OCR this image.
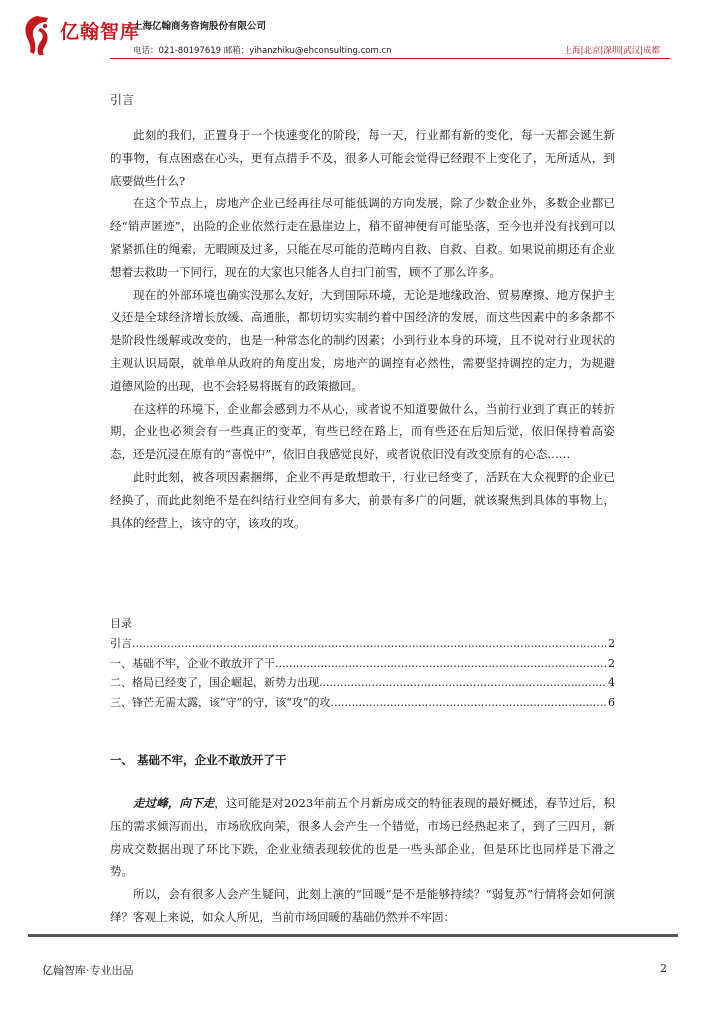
亿翰智库
上海亿翰商务咨询股份有限公司
电话：021-80197619 邮箱：yihanzhiku@ehconsulting.com.cn	上海|北京|深圳|武汉|成都
引言

此刻的我们，正置身于一个快速变化的阶段，每一天，行业都有新的变化，每一天都会诞生新的事物，有点困惑在心头，更有点措手不及，很多人可能会觉得已经跟不上变化了，无所适从，到底要做些什么?

在这个节点上，房地产企业已经再往尽可能低调的方向发展，除了少数企业外，多数企业都已经“销声匿迹”，出险的企业依然行走在悬崖边上，稍不留神便有可能坠落，至今也并没有找到可以紧紧抓住的绳索，无暇顾及过多，只能在尽可能的范畴内自救、自救、自救。如果说前期还有企业想着去救助一下同行，现在的大家也只能各人自扫门前雪，顾不了那么许多。

现在的外部环境也确实没那么友好，大到国际环境，无论是地缘政治、贸易摩擦、地方保护主义还是全球经济增长放缓、高通胀，都切切实实制约着中国经济的发展，而这些因素中的多条都不是阶段性缓解或改变的，也是一种常态化的制约因素；小到行业本身的环境，且不说对行业现状的主观认识局限，就单单从政府的角度出发，房地产的调控有必然性，需要坚持调控的定力，为规避道德风险的出现，也不会轻易将既有的政策撤回。

在这样的环境下，企业都会感到力不从心，或者说不知道要做什么，当前行业到了真正的转折期，企业也必须会有一些真正的变革，有些已经在路上，而有些还在后知后觉，依旧保持着高姿态，还是沉浸在原有的“喜悦中”，依旧自我感觉良好，或者说依旧没有改变原有的心态……

此时此刻，被各项因素捆绑，企业不再是敢想敢干，行业已经变了，活跃在大众视野的企业已经换了，而此此刻绝不是在纠结行业空间有多大，前景有多广的问题，就该聚焦到具体的事物上，具体的经营上，该守的守，该攻的攻。

目录
引言 .....	2
一、基础不牢，企业不敢放开了干 .....	2
二、格局已经变了，国企崛起，新势力出现 .....	4
三、锋芒无需太露，该“守”的守，该“攻”的攻 .....	6
一、 基础不牢，企业不敢放开了干

走过峰，向下走，这可能是对2023年前五个月新房成交的特征表现的最好概述，春节过后，积压的需求倾泻而出，市场欣欣向荣，很多人会产生一个错觉，市场已经热起来了，到了三四月，新房成交数据出现了环比下跌，企业业绩表现较优的也是一些头部企业，但是环比也同样是下滑之势。

所以，会有很多人会产生疑问，此刻上演的“回暖”是不是能够持续？“弱复苏”行情将会如何演绎？客观上来说，如众人所见，当前市场回暖的基础仍然并不牢固：

亿翰智库·专业出品	2
